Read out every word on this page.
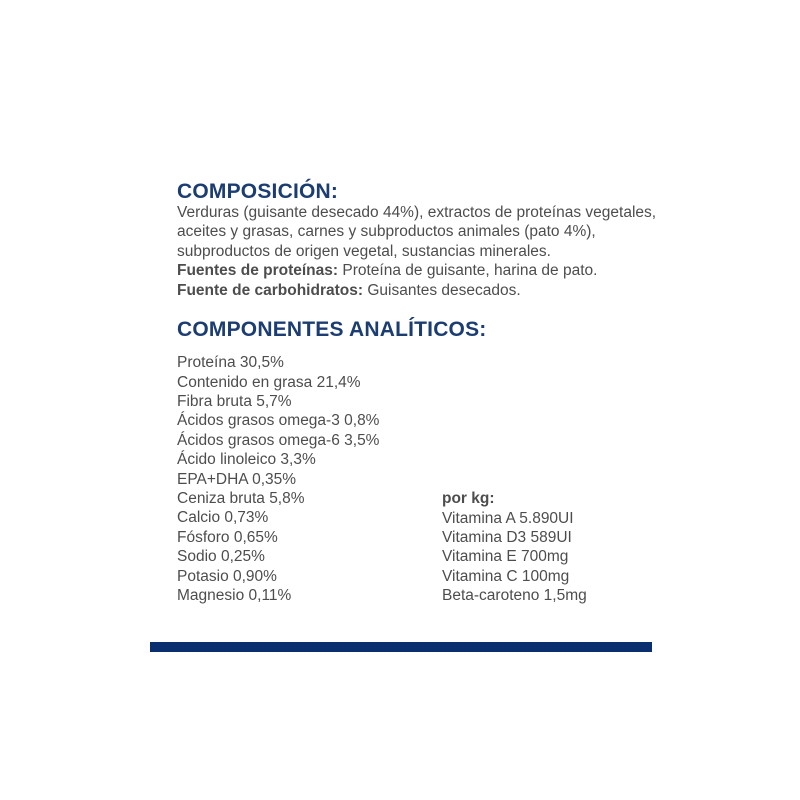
COMPOSICIÓN:

Verduras (guisante desecado 44%), extractos de proteínas vegetales, aceites y grasas, carnes y subproductos animales (pato 4%), subproductos de origen vegetal, sustancias minerales.
Fuentes de proteínas: Proteína de guisante, harina de pato.
Fuente de carbohidratos: Guisantes desecados.

COMPONENTES ANALÍTICOS:
Proteína 30,5%
Contenido en grasa 21,4%
Fibra bruta 5,7%
Ácidos grasos omega-3 0,8%
Ácidos grasos omega-6 3,5%
Ácido linoleico 3,3%
EPA+DHA 0,35%
Ceniza bruta 5,8%
Calcio 0,73%
Fósforo 0,65%
Sodio 0,25%
Potasio 0,90%
Magnesio 0,11%
por kg:
Vitamina A 5.890UI
Vitamina D3 589UI
Vitamina E 700mg
Vitamina C 100mg
Beta-caroteno 1,5mg
